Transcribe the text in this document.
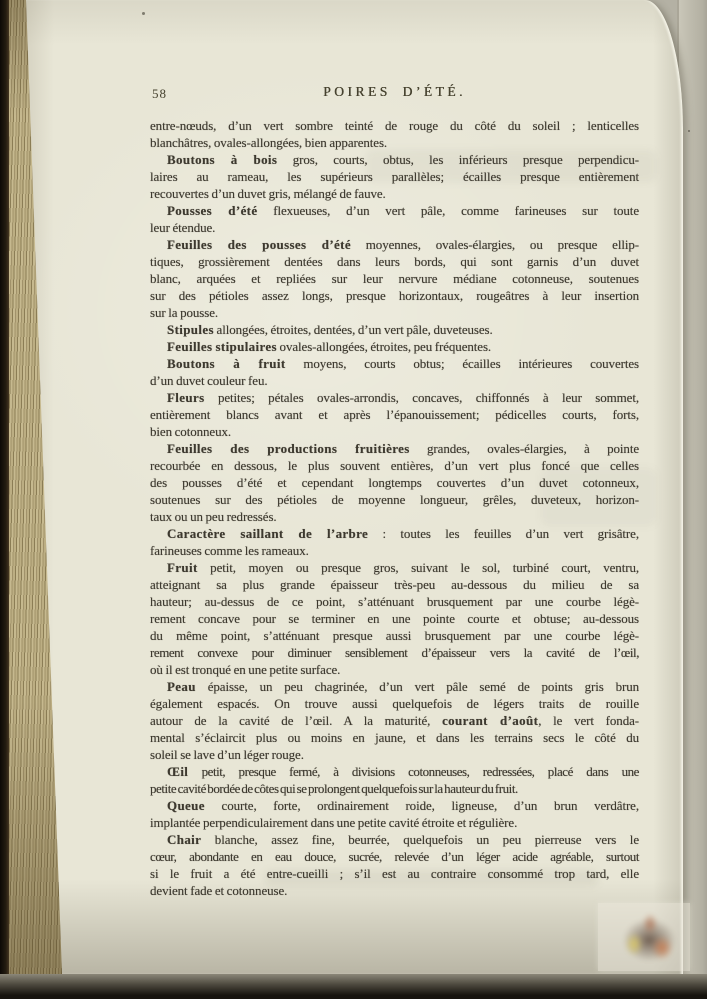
58	POIRES D’ÉTÉ.
entre-nœuds, d’un vert sombre teinté de rouge du côté du soleil ; lenticelles
blanchâtres, ovales-allongées, bien apparentes.
Boutons à bois gros, courts, obtus, les inférieurs presque perpendicu-
laires au rameau, les supérieurs parallèles; écailles presque entièrement
recouvertes d’un duvet gris, mélangé de fauve.
Pousses d’été flexueuses, d’un vert pâle, comme farineuses sur toute
leur étendue.
Feuilles des pousses d’été moyennes, ovales-élargies, ou presque ellip-
tiques, grossièrement dentées dans leurs bords, qui sont garnis d’un duvet
blanc, arquées et repliées sur leur nervure médiane cotonneuse, soutenues
sur des pétioles assez longs, presque horizontaux, rougeâtres à leur insertion
sur la pousse.
Stipules allongées, étroites, dentées, d’un vert pâle, duveteuses.
Feuilles stipulaires ovales-allongées, étroites, peu fréquentes.
Boutons à fruit moyens, courts obtus; écailles intérieures couvertes
d’un duvet couleur feu.
Fleurs petites; pétales ovales-arrondis, concaves, chiffonnés à leur sommet,
entièrement blancs avant et après l’épanouissement; pédicelles courts, forts,
bien cotonneux.
Feuilles des productions fruitières grandes, ovales-élargies, à pointe
recourbée en dessous, le plus souvent entières, d’un vert plus foncé que celles
des pousses d’été et cependant longtemps couvertes d’un duvet cotonneux,
soutenues sur des pétioles de moyenne longueur, grêles, duveteux, horizon-
taux ou un peu redressés.
Caractère saillant de l’arbre : toutes les feuilles d’un vert grisâtre,
farineuses comme les rameaux.
Fruit petit, moyen ou presque gros, suivant le sol, turbiné court, ventru,
atteignant sa plus grande épaisseur très-peu au-dessous du milieu de sa
hauteur; au-dessus de ce point, s’atténuant brusquement par une courbe légè-
rement concave pour se terminer en une pointe courte et obtuse; au-dessous
du même point, s’atténuant presque aussi brusquement par une courbe légè-
rement convexe pour diminuer sensiblement d’épaisseur vers la cavité de l’œil,
où il est tronqué en une petite surface.
Peau épaisse, un peu chagrinée, d’un vert pâle semé de points gris brun
également espacés. On trouve aussi quelquefois de légers traits de rouille
autour de la cavité de l’œil. A la maturité, courant d’août, le vert fonda-
mental s’éclaircit plus ou moins en jaune, et dans les terrains secs le côté du
soleil se lave d’un léger rouge.
Œil petit, presque fermé, à divisions cotonneuses, redressées, placé dans une
petite cavité bordée de côtes qui se prolongent quelquefois sur la hauteur du fruit.
Queue courte, forte, ordinairement roide, ligneuse, d’un brun verdâtre,
implantée perpendiculairement dans une petite cavité étroite et régulière.
Chair blanche, assez fine, beurrée, quelquefois un peu pierreuse vers le
cœur, abondante en eau douce, sucrée, relevée d’un léger acide agréable, surtout
si le fruit a été entre-cueilli ; s’il est au contraire consommé trop tard, elle
devient fade et cotonneuse.
